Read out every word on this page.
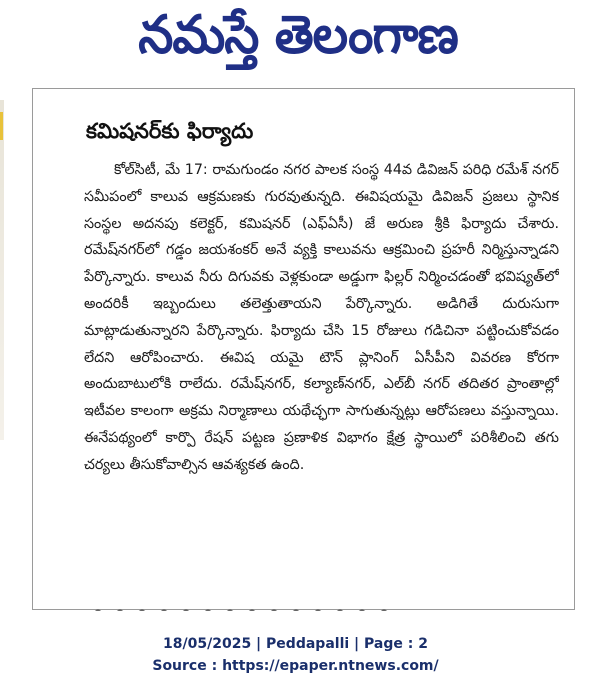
నమస్తే తెలంగాణ
కమిషనర్‌కు ఫిర్యాదు
కోల్‌సిటీ, మే 17: రామగుండం నగర పాలక సంస్థ 44వ డివిజన్ పరిధి రమేశ్ నగర్ సమీపంలో కాలువ ఆక్రమణకు గురవుతున్నది. ఈవిషయమై డివిజన్ ప్రజలు స్థానిక సంస్థల అదనపు కలెక్టర్, కమిషనర్ (ఎఫ్‌ఏసీ) జే అరుణ శ్రీకి ఫిర్యాదు చేశారు. రమేష్‌నగర్‌లో గడ్డం జయశంకర్ అనే వ్యక్తి కాలువను ఆక్రమించి ప్రహరీ నిర్మిస్తున్నాడని పేర్కొన్నారు. కాలువ నీరు దిగువకు వెళ్లకుండా అడ్డుగా ఫిల్లర్ నిర్మించడంతో భవిష్యత్‌లో అందరికీ ఇబ్బందులు తలెత్తుతాయని పేర్కొన్నారు. అడిగితే దురుసుగా మాట్లాడుతున్నారని పేర్కొన్నారు. ఫిర్యాదు చేసి 15 రోజులు గడిచినా పట్టించుకోవడం లేదని ఆరోపించారు. ఈవిష యమై టౌన్ ప్లానింగ్ ఏసీపీని వివరణ కోరగా అందుబాటులోకి రాలేదు. రమేష్‌నగర్, కల్యాణ్‌నగర్, ఎల్‌బీ నగర్ తదితర ప్రాంతాల్లో ఇటీవల కాలంగా అక్రమ నిర్మాణాలు యథేచ్ఛగా సాగుతున్నట్లు ఆరోపణలు వస్తున్నాయి. ఈనేపథ్యంలో కార్పొ రేషన్ పట్టణ ప్రణాళిక విభాగం క్షేత్ర స్థాయిలో పరిశీలించి తగు చర్యలు తీసుకోవాల్సిన ఆవశ్యకత ఉంది.
18/05/2025 | Peddapalli | Page : 2
Source : https://epaper.ntnews.com/
